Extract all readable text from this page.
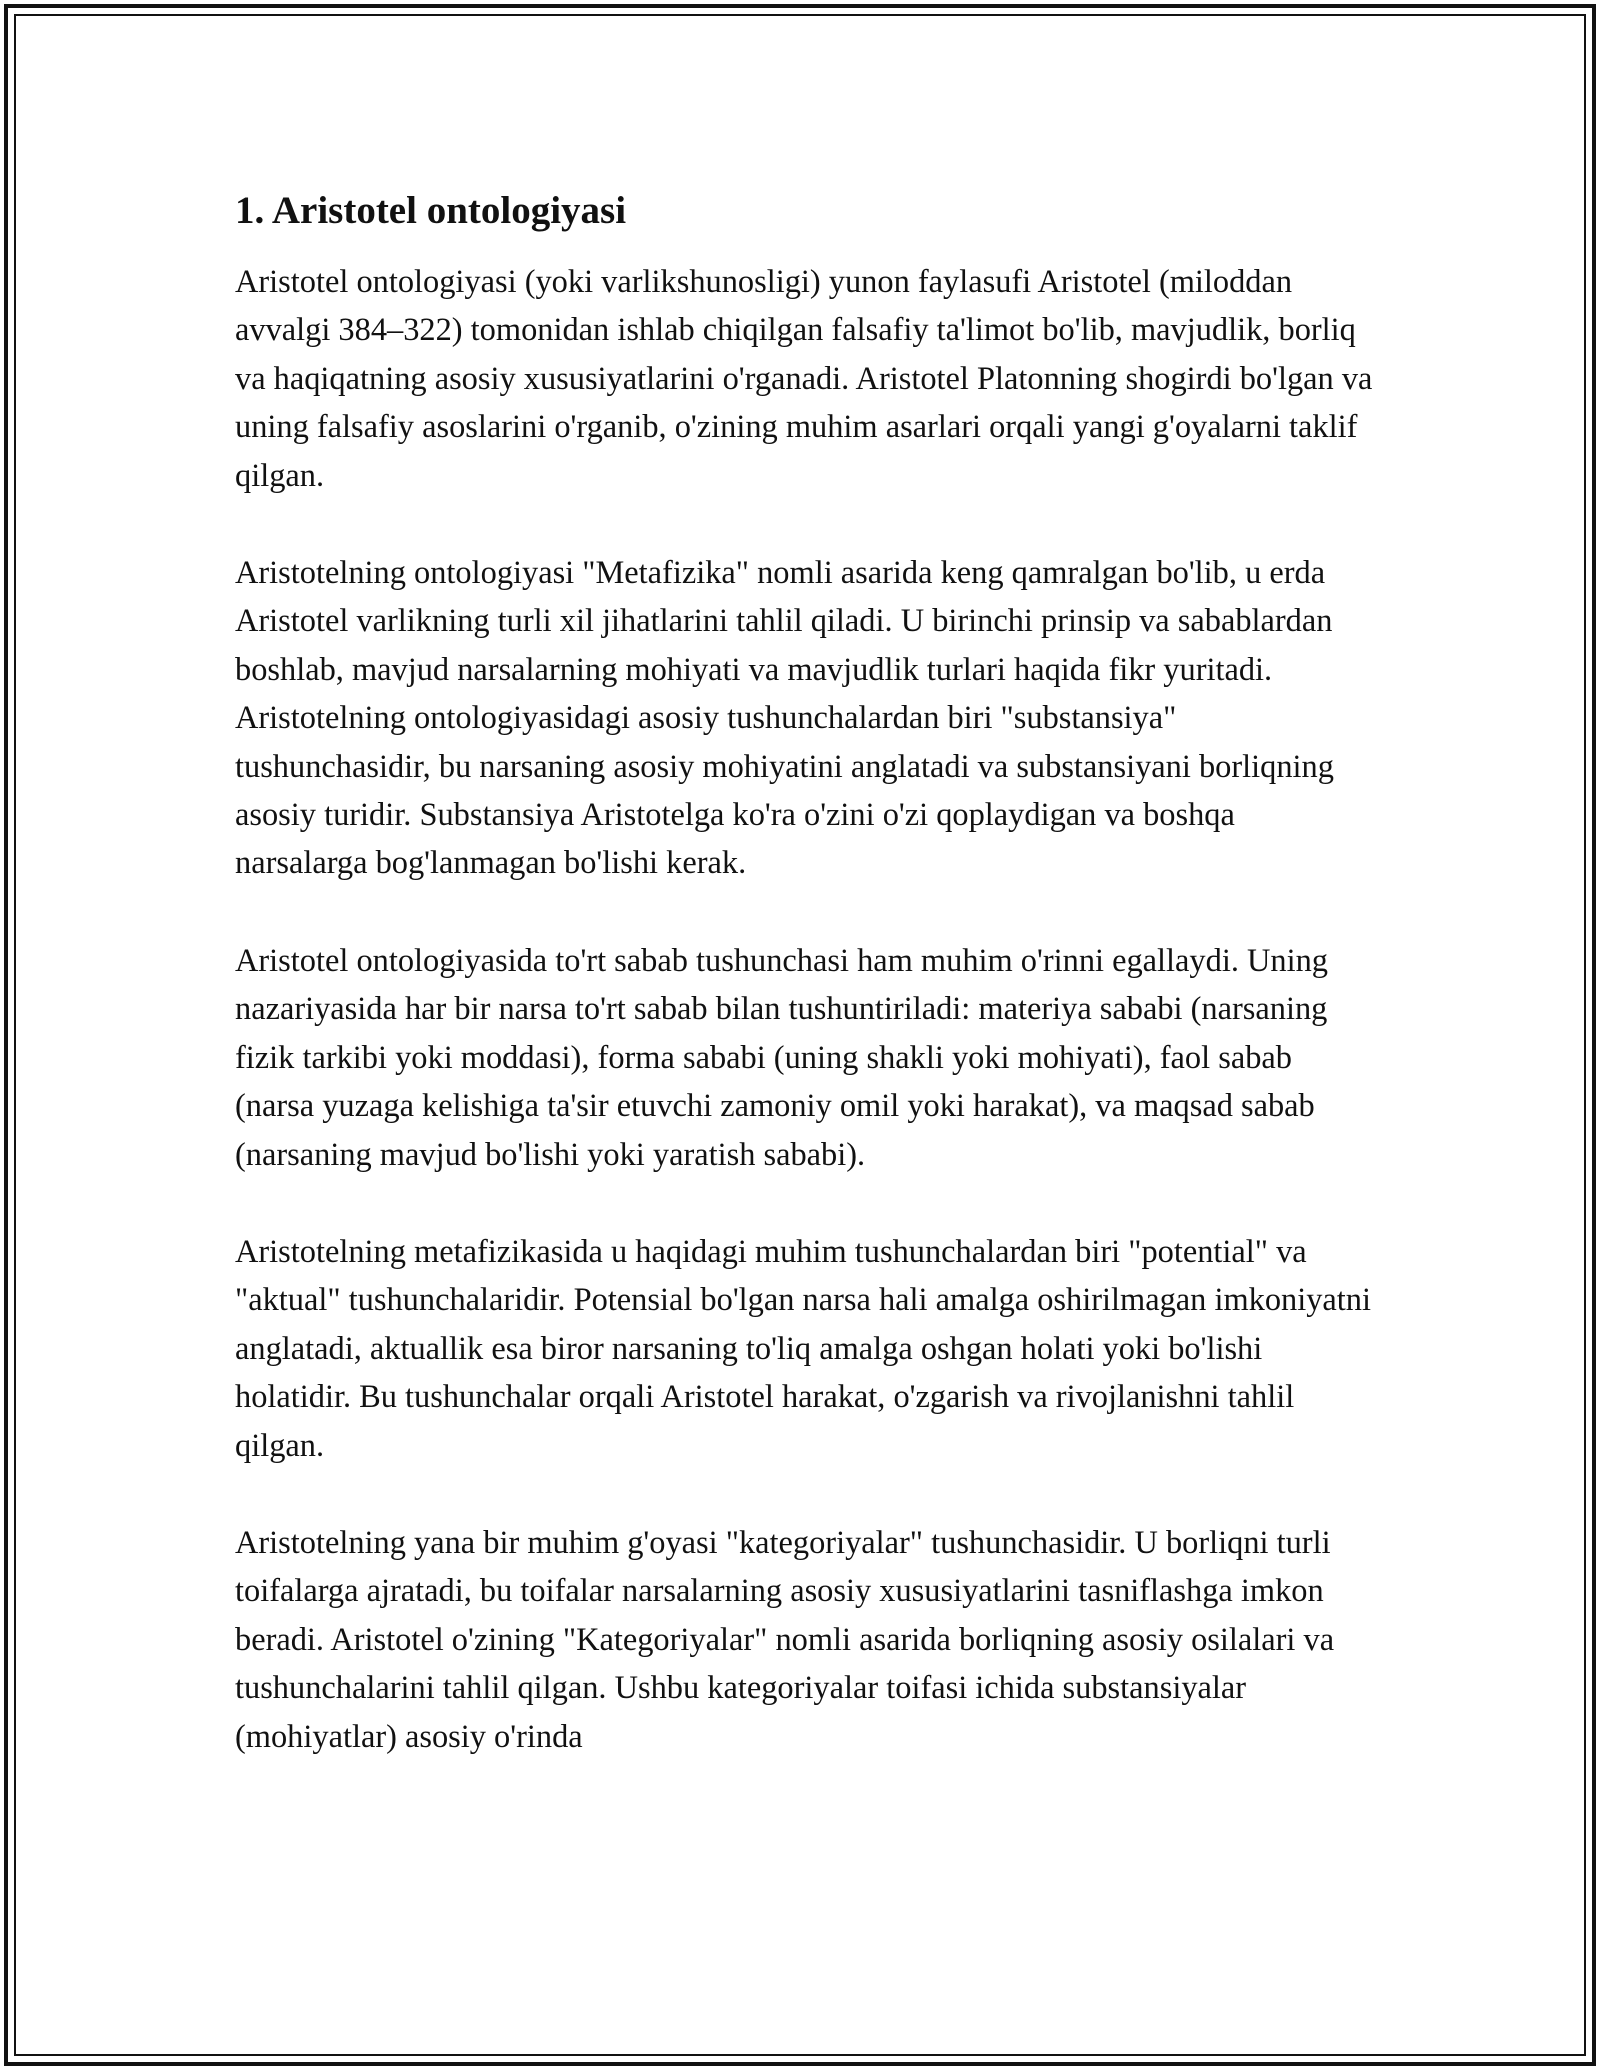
1. Aristotel ontologiyasi

Aristotel ontologiyasi (yoki varlikshunosligi) yunon faylasufi Aristotel (miloddan avvalgi 384–322) tomonidan ishlab chiqilgan falsafiy ta'limot bo'lib, mavjudlik, borliq va haqiqatning asosiy xususiyatlarini o'rganadi. Aristotel Platonning shogirdi bo'lgan va uning falsafiy asoslarini o'rganib, o'zining muhim asarlari orqali yangi g'oyalarni taklif qilgan.

Aristotelning ontologiyasi "Metafizika" nomli asarida keng qamralgan bo'lib, u erda Aristotel varlikning turli xil jihatlarini tahlil qiladi. U birinchi prinsip va sabablardan boshlab, mavjud narsalarning mohiyati va mavjudlik turlari haqida fikr yuritadi. Aristotelning ontologiyasidagi asosiy tushunchalardan biri "substansiya" tushunchasidir, bu narsaning asosiy mohiyatini anglatadi va substansiyani borliqning asosiy turidir. Substansiya Aristotelga ko'ra o'zini o'zi qoplaydigan va boshqa narsalarga bog'lanmagan bo'lishi kerak.

Aristotel ontologiyasida to'rt sabab tushunchasi ham muhim o'rinni egallaydi. Uning nazariyasida har bir narsa to'rt sabab bilan tushuntiriladi: materiya sababi (narsaning fizik tarkibi yoki moddasi), forma sababi (uning shakli yoki mohiyati), faol sabab (narsa yuzaga kelishiga ta'sir etuvchi zamoniy omil yoki harakat), va maqsad sabab (narsaning mavjud bo'lishi yoki yaratish sababi).

Aristotelning metafizikasida u haqidagi muhim tushunchalardan biri "potential" va "aktual" tushunchalaridir. Potensial bo'lgan narsa hali amalga oshirilmagan imkoniyatni anglatadi, aktuallik esa biror narsaning to'liq amalga oshgan holati yoki bo'lishi holatidir. Bu tushunchalar orqali Aristotel harakat, o'zgarish va rivojlanishni tahlil qilgan.

Aristotelning yana bir muhim g'oyasi "kategoriyalar" tushunchasidir. U borliqni turli toifalarga ajratadi, bu toifalar narsalarning asosiy xususiyatlarini tasniflashga imkon beradi. Aristotel o'zining "Kategoriyalar" nomli asarida borliqning asosiy osilalari va tushunchalarini tahlil qilgan. Ushbu kategoriyalar toifasi ichida substansiyalar (mohiyatlar) asosiy o'rinda
